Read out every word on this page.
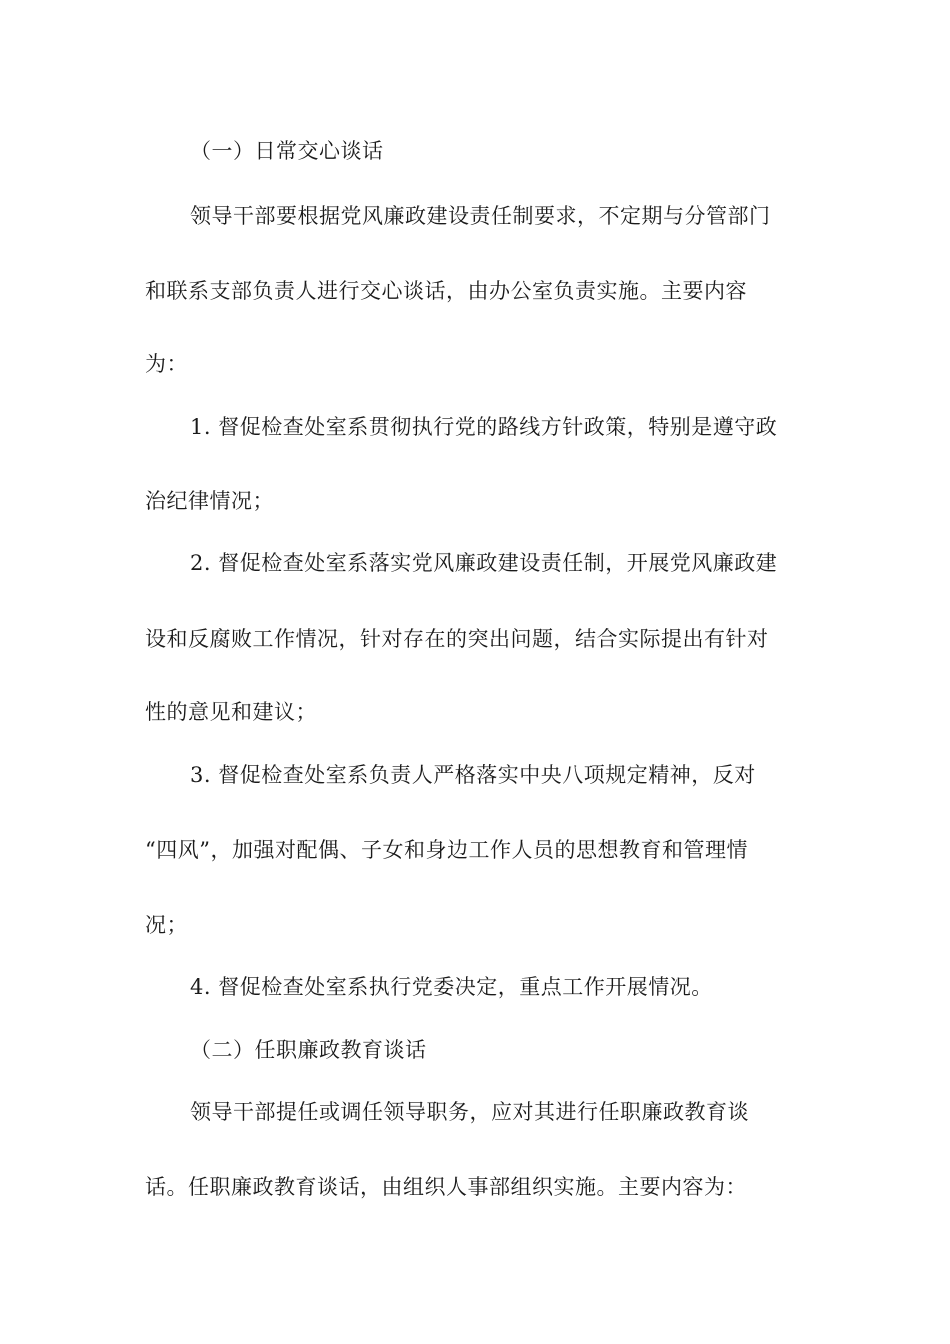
（一）日常交心谈话
领导干部要根据党风廉政建设责任制要求，不定期与分管部门
和联系支部负责人进行交心谈话，由办公室负责实施。主要内容
为：
1. 督促检查处室系贯彻执行党的路线方针政策，特别是遵守政
治纪律情况；
2. 督促检查处室系落实党风廉政建设责任制，开展党风廉政建
设和反腐败工作情况，针对存在的突出问题，结合实际提出有针对
性的意见和建议；
3. 督促检查处室系负责人严格落实中央八项规定精神，反对
“四风”，加强对配偶、子女和身边工作人员的思想教育和管理情
况；
4. 督促检查处室系执行党委决定，重点工作开展情况。
（二）任职廉政教育谈话
领导干部提任或调任领导职务，应对其进行任职廉政教育谈
话。任职廉政教育谈话，由组织人事部组织实施。主要内容为：
